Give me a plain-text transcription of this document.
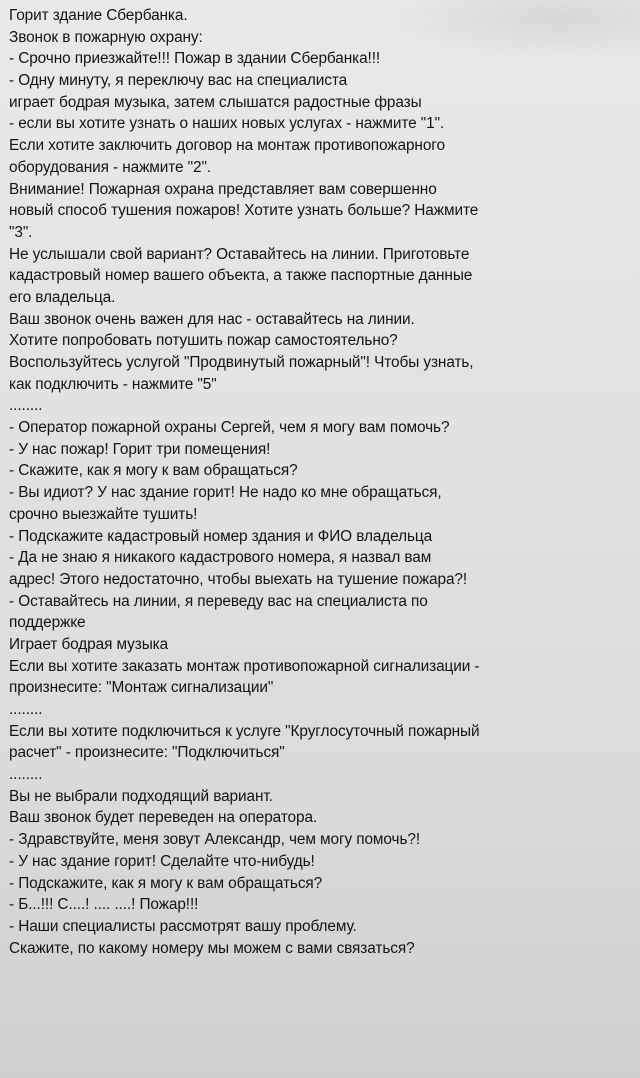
Горит здание Сбербанка.
Звонок в пожарную охрану:
- Срочно приезжайте!!! Пожар в здании Сбербанка!!!
- Одну минуту, я переключу вас на специалиста
играет бодрая музыка, затем слышатся радостные фразы
- если вы хотите узнать о наших новых услугах - нажмите "1".
Если хотите заключить договор на монтаж противопожарного
оборудования - нажмите "2".
Внимание! Пожарная охрана представляет вам совершенно
новый способ тушения пожаров! Хотите узнать больше? Нажмите
"3".
Не услышали свой вариант? Оставайтесь на линии. Приготовьте
кадастровый номер вашего объекта, а также паспортные данные
его владельца.
Ваш звонок очень важен для нас - оставайтесь на линии.
Хотите попробовать потушить пожар самостоятельно?
Воспользуйтесь услугой "Продвинутый пожарный"! Чтобы узнать,
как подключить - нажмите "5"
........
- Оператор пожарной охраны Сергей, чем я могу вам помочь?
- У нас пожар! Горит три помещения!
- Скажите, как я могу к вам обращаться?
- Вы идиот? У нас здание горит! Не надо ко мне обращаться,
срочно выезжайте тушить!
- Подскажите кадастровый номер здания и ФИО владельца
- Да не знаю я никакого кадастрового номера, я назвал вам
адрес! Этого недостаточно, чтобы выехать на тушение пожара?!
- Оставайтесь на линии, я переведу вас на специалиста по
поддержке
Играет бодрая музыка
Если вы хотите заказать монтаж противопожарной сигнализации -
произнесите: "Монтаж сигнализации"
........
Если вы хотите подключиться к услуге "Круглосуточный пожарный
расчет" - произнесите: "Подключиться"
........
Вы не выбрали подходящий вариант.
Ваш звонок будет переведен на оператора.
- Здравствуйте, меня зовут Александр, чем могу помочь?!
- У нас здание горит! Сделайте что-нибудь!
- Подскажите, как я могу к вам обращаться?
- Б...!!! С....! .... ....! Пожар!!!
- Наши специалисты рассмотрят вашу проблему.
Скажите, по какому номеру мы можем с вами связаться?
